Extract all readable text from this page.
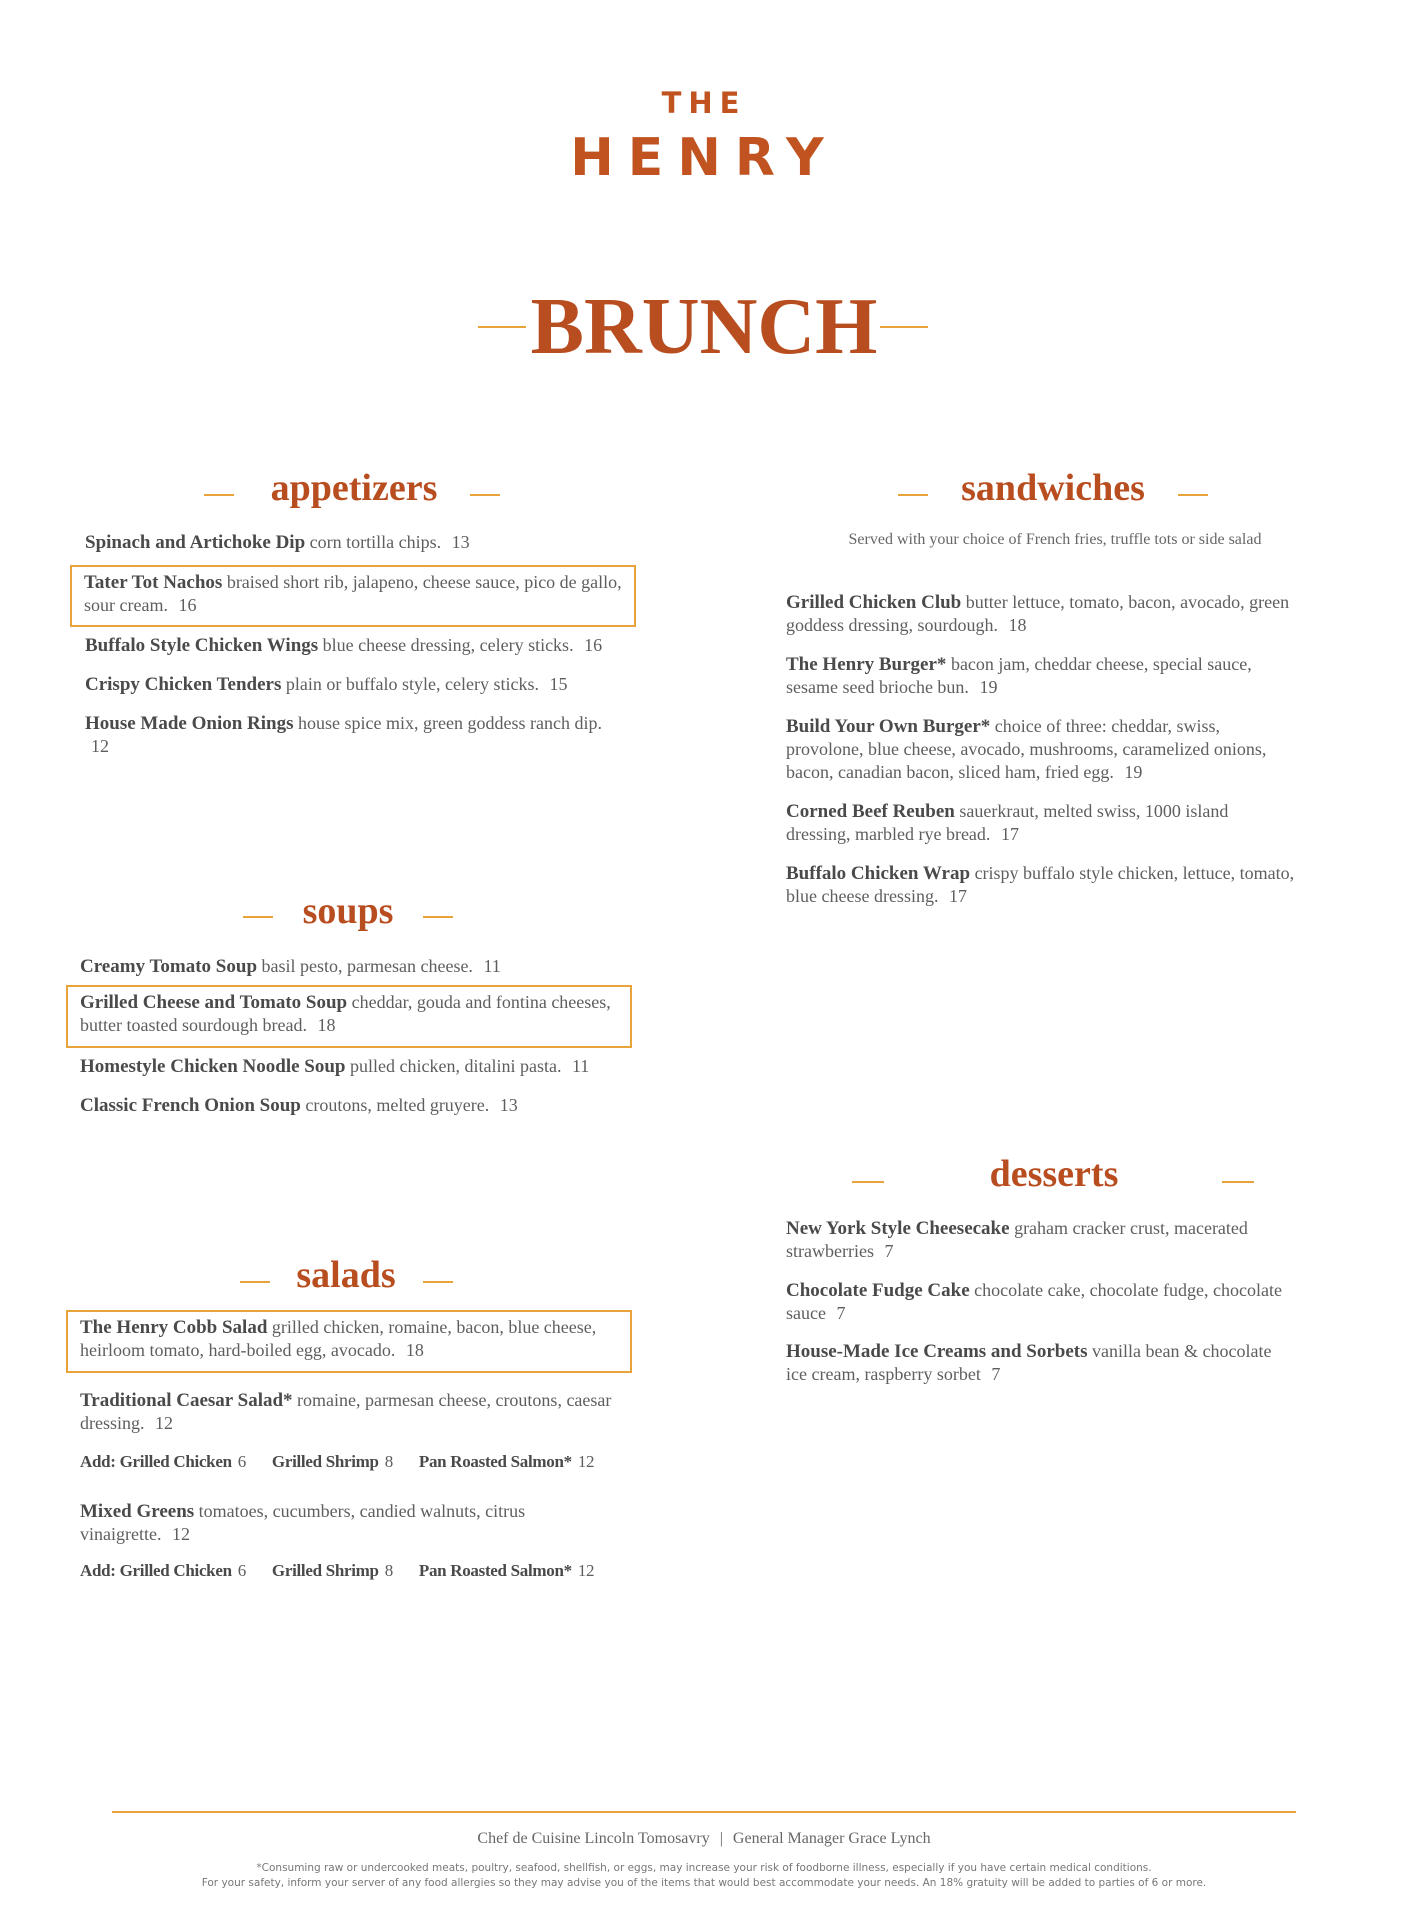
THE
HENRY
BRUNCH
appetizers
Spinach and Artichoke Dip corn tortilla chips. 13
Tater Tot Nachos braised short rib, jalapeno, cheese sauce, pico de gallo, sour cream. 16
Buffalo Style Chicken Wings blue cheese dressing, celery sticks. 16
Crispy Chicken Tenders plain or buffalo style, celery sticks. 15
House Made Onion Rings house spice mix, green goddess ranch dip. 12
soups
Creamy Tomato Soup basil pesto, parmesan cheese. 11
Grilled Cheese and Tomato Soup cheddar, gouda and fontina cheeses, butter toasted sourdough bread. 18
Homestyle Chicken Noodle Soup pulled chicken, ditalini pasta. 11
Classic French Onion Soup croutons, melted gruyere. 13
salads
The Henry Cobb Salad grilled chicken, romaine, bacon, blue cheese, heirloom tomato, hard-boiled egg, avocado. 18
Traditional Caesar Salad* romaine, parmesan cheese, croutons, caesar dressing. 12
Add: Grilled Chicken 6 Grilled Shrimp 8 Pan Roasted Salmon* 12
Mixed Greens tomatoes, cucumbers, candied walnuts, citrus vinaigrette. 12
Add: Grilled Chicken 6 Grilled Shrimp 8 Pan Roasted Salmon* 12
sandwiches
Served with your choice of French fries, truffle tots or side salad
Grilled Chicken Club butter lettuce, tomato, bacon, avocado, green goddess dressing, sourdough. 18
The Henry Burger* bacon jam, cheddar cheese, special sauce, sesame seed brioche bun. 19
Build Your Own Burger* choice of three: cheddar, swiss, provolone, blue cheese, avocado, mushrooms, caramelized onions, bacon, canadian bacon, sliced ham, fried egg. 19
Corned Beef Reuben sauerkraut, melted swiss, 1000 island dressing, marbled rye bread. 17
Buffalo Chicken Wrap crispy buffalo style chicken, lettuce, tomato, blue cheese dressing. 17
desserts
New York Style Cheesecake graham cracker crust, macerated strawberries 7
Chocolate Fudge Cake chocolate cake, chocolate fudge, chocolate sauce 7
House-Made Ice Creams and Sorbets vanilla bean & chocolate ice cream, raspberry sorbet 7
Chef de Cuisine Lincoln Tomosavry | General Manager Grace Lynch
*Consuming raw or undercooked meats, poultry, seafood, shellfish, or eggs, may increase your risk of foodborne illness, especially if you have certain medical conditions.
For your safety, inform your server of any food allergies so they may advise you of the items that would best accommodate your needs. An 18% gratuity will be added to parties of 6 or more.
